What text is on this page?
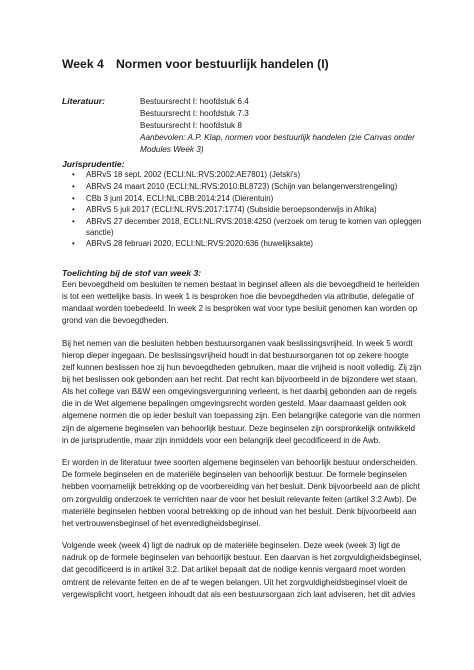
Week 4 Normen voor bestuurlijk handelen (I)
Literatuur:	Bestuursrecht I: hoofdstuk 6.4
Bestuursrecht I: hoofdstuk 7.3
Bestuursrecht I: hoofdstuk 8
Aanbevolen: A.P. Klap, normen voor bestuurlijk handelen (zie Canvas onder Modules Week 3)
Jurisprudentie:
• ABRvS 18 sept. 2002 (ECLI:NL:RVS:2002:AE7801) (Jetski's)
• ABRvS 24 maart 2010 (ECLI:NL:RVS:2010:BL8723) (Schijn van belangenverstrengeling)
• CBb 3 juni 2014, ECLI:NL:CBB:2014:214 (Dierentuin)
• ABRvS 5 juli 2017 (ECLI:NL:RVS:2017:1774) (Subsidie beroepsonderwijs in Afrika)
• ABRvS 27 december 2018, ECLI:NL:RVS:2018:4250 (verzoek om terug te komen van opleggen sanctie)
• ABRvS 28 februari 2020, ECLI:NL:RVS:2020:636 (huwelijksakte)
Toelichting bij de stof van week 3:

Een bevoegdheid om besluiten te nemen bestaat in beginsel alleen als die bevoegdheid te herleiden is tot een wettelijke basis. In week 1 is besproken hoe die bevoegdheden via attributie, delegatie of mandaat worden toebedeeld. In week 2 is besproken wat voor type besluit genomen kan worden op grond van die bevoegdheden.

Bij het nemen van die besluiten hebben bestuursorganen vaak beslissingsvrijheid. In week 5 wordt hierop dieper ingegaan. De beslissingsvrijheid houdt in dat bestuursorganen tot op zekere hoogte zelf kunnen beslissen hoe zij hun bevoegdheden gebruiken, maar die vrijheid is nooit volledig. Zij zijn bij het beslissen ook gebonden aan het recht. Dat recht kan bijvoorbeeld in de bijzondere wet staan. Als het college van B&W een omgevingsvergunning verleent, is het daarbij gebonden aan de regels die in de Wet algemene bepalingen omgevingsrecht worden gesteld. Maar daarnaast gelden ook algemene normen die op ieder besluit van toepassing zijn. Een belangrijke categorie van die normen zijn de algemene beginselen van behoorlijk bestuur. Deze beginselen zijn oorspronkelijk ontwikkeld in de jurisprudentie, maar zijn inmiddels voor een belangrijk deel gecodificeerd in de Awb.

Er worden in de literatuur twee soorten algemene beginselen van behoorlijk bestuur onderscheiden. De formele beginselen en de materiële beginselen van behoorlijk bestuur. De formele beginselen hebben voornamelijk betrekking op de voorbereiding van het besluit. Denk bijvoorbeeld aan de plicht om zorgvuldig onderzoek te verrichten naar de voor het besluit relevante feiten (artikel 3:2 Awb). De materiële beginselen hebben vooral betrekking op de inhoud van het besluit. Denk bijvoorbeeld aan het vertrouwensbeginsel of het evenredigheidsbeginsel.

Volgende week (week 4) ligt de nadruk op de materiële beginselen. Deze week (week 3) ligt de nadruk op de formele beginselen van behoorlijk bestuur. Een daarvan is het zorgvuldigheidsbeginsel, dat gecodificeerd is in artikel 3:2. Dat artikel bepaalt dat de nodige kennis vergaard moet worden omtrent de relevante feiten en de af te wegen belangen. Uit het zorgvuldigheidsbeginsel vloeit de vergewisplicht voort, hetgeen inhoudt dat als een bestuursorgaan zich laat adviseren, het dit advies
